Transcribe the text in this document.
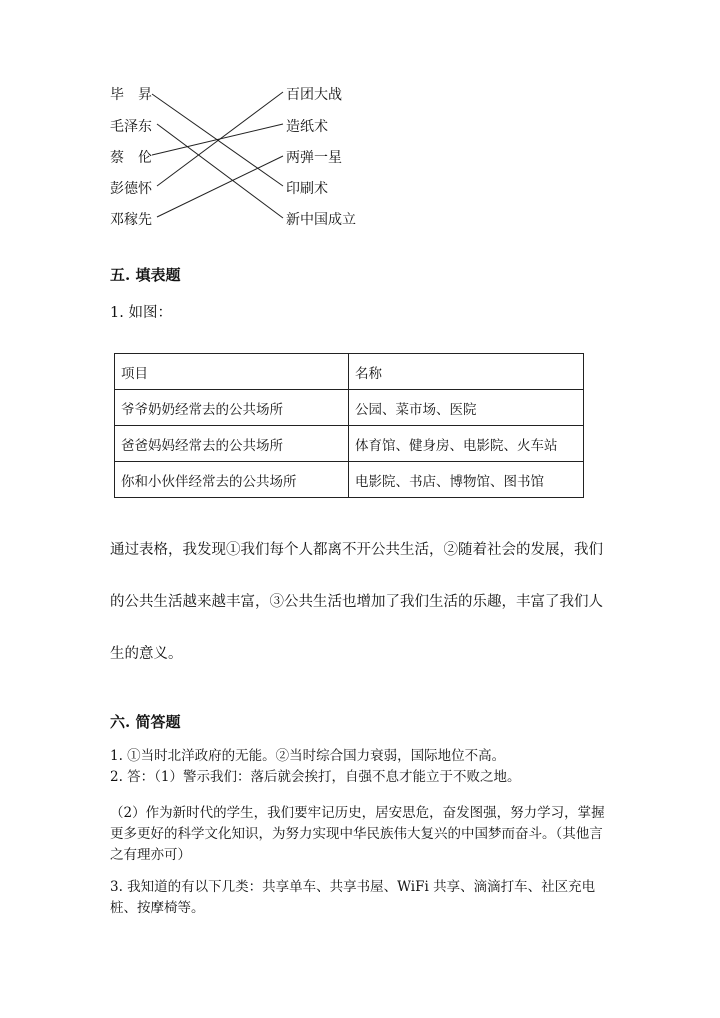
毕　昇
毛泽东
蔡　伦
彭德怀
邓稼先
百团大战
造纸术
两弹一星
印刷术
新中国成立
五. 填表题
1. 如图：
项目	名称
爷爷奶奶经常去的公共场所	公园、菜市场、医院
爸爸妈妈经常去的公共场所	体育馆、健身房、电影院、火车站
你和小伙伴经常去的公共场所	电影院、书店、博物馆、图书馆
通过表格，我发现①我们每个人都离不开公共生活，②随着社会的发展，我们
的公共生活越来越丰富，③公共生活也增加了我们生活的乐趣，丰富了我们人
生的意义。
六. 简答题
1. ①当时北洋政府的无能。②当时综合国力衰弱，国际地位不高。
2. 答：（1）警示我们：落后就会挨打，自强不息才能立于不败之地。
（2）作为新时代的学生，我们要牢记历史，居安思危，奋发图强，努力学习，掌握更多更好的科学文化知识，为努力实现中华民族伟大复兴的中国梦而奋斗。（其他言之有理亦可）
3. 我知道的有以下几类：共享单车、共享书屋、WiFi 共享、滴滴打车、社区充电桩、按摩椅等。
